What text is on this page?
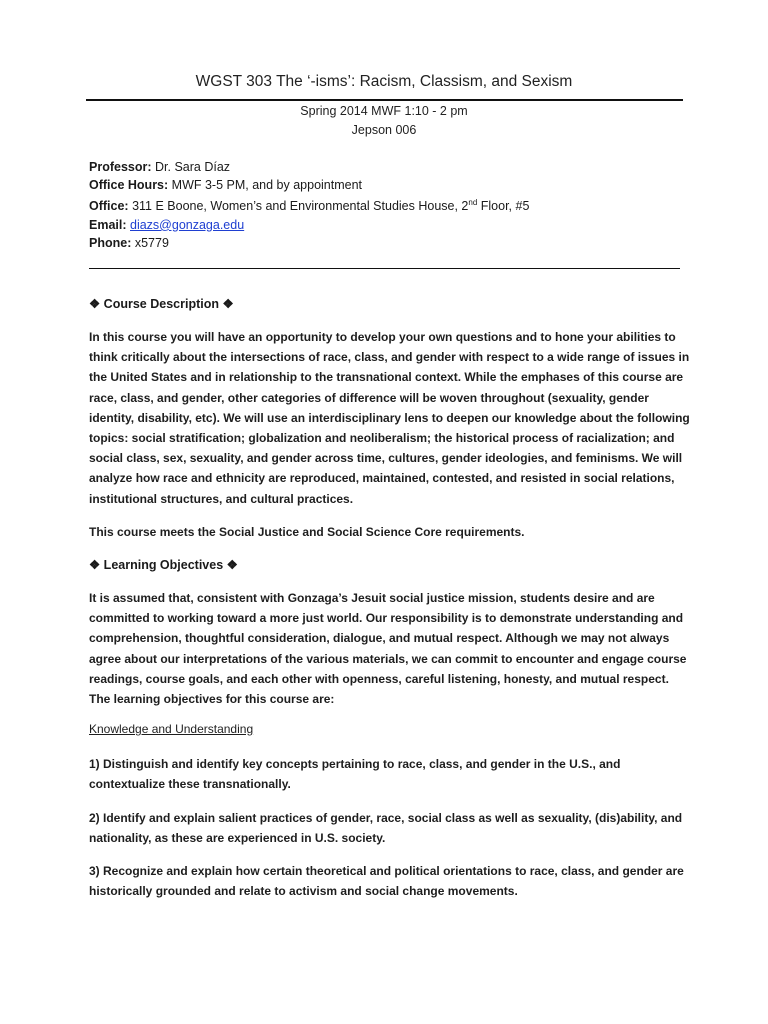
WGST 303 The ‘-isms’: Racism, Classism, and Sexism
Spring 2014 MWF 1:10 - 2 pm
Jepson 006
Professor: Dr. Sara Díaz
Office Hours: MWF 3-5 PM, and by appointment
Office: 311 E Boone, Women’s and Environmental Studies House, 2nd Floor, #5
Email: diazs@gonzaga.edu
Phone: x5779
❖ Course Description ❖
In this course you will have an opportunity to develop your own questions and to hone your abilities to think critically about the intersections of race, class, and gender with respect to a wide range of issues in the United States and in relationship to the transnational context. While the emphases of this course are race, class, and gender, other categories of difference will be woven throughout (sexuality, gender identity, disability, etc). We will use an interdisciplinary lens to deepen our knowledge about the following topics: social stratification; globalization and neoliberalism; the historical process of racialization; and social class, sex, sexuality, and gender across time, cultures, gender ideologies, and feminisms. We will analyze how race and ethnicity are reproduced, maintained, contested, and resisted in social relations, institutional structures, and cultural practices.
This course meets the Social Justice and Social Science Core requirements.
❖ Learning Objectives ❖
It is assumed that, consistent with Gonzaga’s Jesuit social justice mission, students desire and are committed to working toward a more just world. Our responsibility is to demonstrate understanding and comprehension, thoughtful consideration, dialogue, and mutual respect. Although we may not always agree about our interpretations of the various materials, we can commit to encounter and engage course readings, course goals, and each other with openness, careful listening, honesty, and mutual respect. The learning objectives for this course are:
Knowledge and Understanding
1) Distinguish and identify key concepts pertaining to race, class, and gender in the U.S., and contextualize these transnationally.
2) Identify and explain salient practices of gender, race, social class as well as sexuality, (dis)ability, and nationality, as these are experienced in U.S. society.
3) Recognize and explain how certain theoretical and political orientations to race, class, and gender are historically grounded and relate to activism and social change movements.
